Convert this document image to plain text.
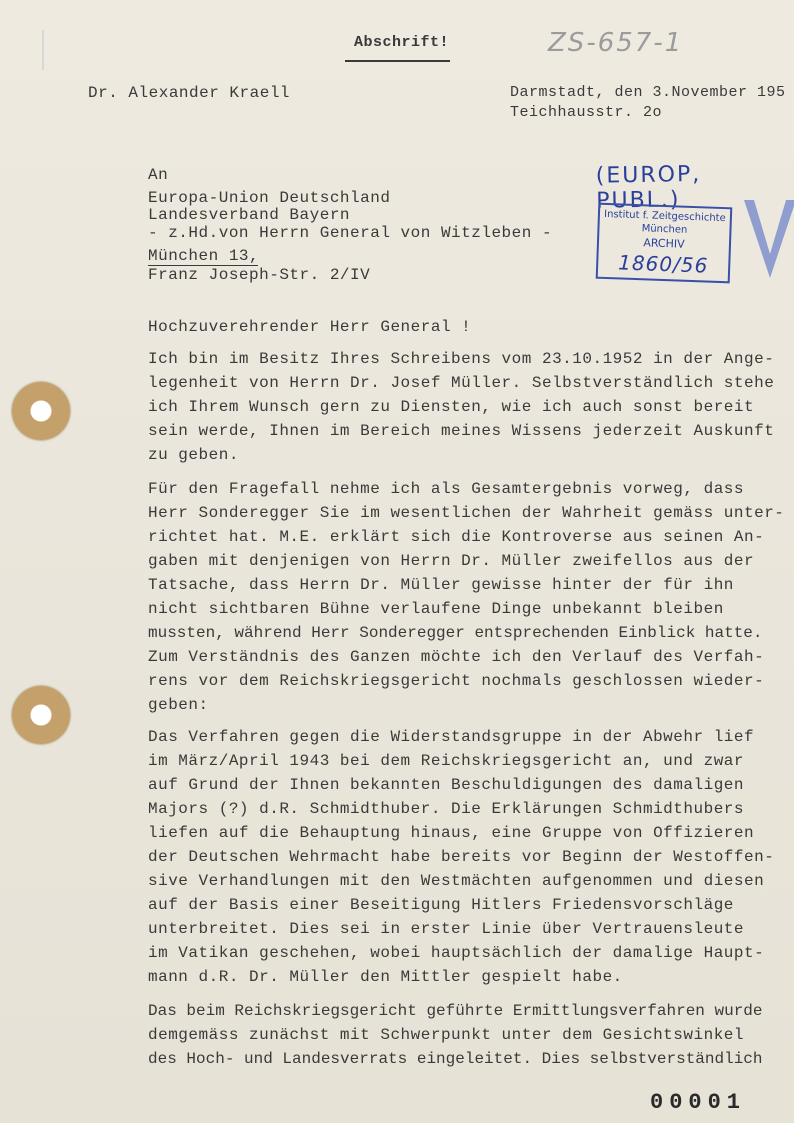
Abschrift!	ZS-657-1
Dr. Alexander Kraell	Darmstadt, den 3.November 195
Teichhausstr. 2o
An
Europa-Union Deutschland
Landesverband Bayern
- z.Hd.von Herrn General von Witzleben -
München 13,
Franz Joseph-Str. 2/IV
(EUROP, PUBL.)
Institut f. Zeitgeschichte
München
ARCHIV
1860/56
Hochzuverehrender Herr General !
Ich bin im Besitz Ihres Schreibens vom 23.10.1952 in der Ange-
legenheit von Herrn Dr. Josef Müller. Selbstverständlich stehe
ich Ihrem Wunsch gern zu Diensten, wie ich auch sonst bereit
sein werde, Ihnen im Bereich meines Wissens jederzeit Auskunft
zu geben.
Für den Fragefall nehme ich als Gesamtergebnis vorweg, dass
Herr Sonderegger Sie im wesentlichen der Wahrheit gemäss unter-
richtet hat. M.E. erklärt sich die Kontroverse aus seinen An-
gaben mit denjenigen von Herrn Dr. Müller zweifellos aus der
Tatsache, dass Herrn Dr. Müller gewisse hinter der für ihn
nicht sichtbaren Bühne verlaufene Dinge unbekannt bleiben
mussten, während Herr Sonderegger entsprechenden Einblick hatte.
Zum Verständnis des Ganzen möchte ich den Verlauf des Verfah-
rens vor dem Reichskriegsgericht nochmals geschlossen wieder-
geben:
Das Verfahren gegen die Widerstandsgruppe in der Abwehr lief
im März/April 1943 bei dem Reichskriegsgericht an, und zwar
auf Grund der Ihnen bekannten Beschuldigungen des damaligen
Majors (?) d.R. Schmidthuber. Die Erklärungen Schmidthubers
liefen auf die Behauptung hinaus, eine Gruppe von Offizieren
der Deutschen Wehrmacht habe bereits vor Beginn der Westoffen-
sive Verhandlungen mit den Westmächten aufgenommen und diesen
auf der Basis einer Beseitigung Hitlers Friedensvorschläge
unterbreitet. Dies sei in erster Linie über Vertrauensleute
im Vatikan geschehen, wobei hauptsächlich der damalige Haupt-
mann d.R. Dr. Müller den Mittler gespielt habe.
Das beim Reichskriegsgericht geführte Ermittlungsverfahren wurde
demgemäss zunächst mit Schwerpunkt unter dem Gesichtswinkel
des Hoch- und Landesverrats eingeleitet. Dies selbstverständlich
00001
